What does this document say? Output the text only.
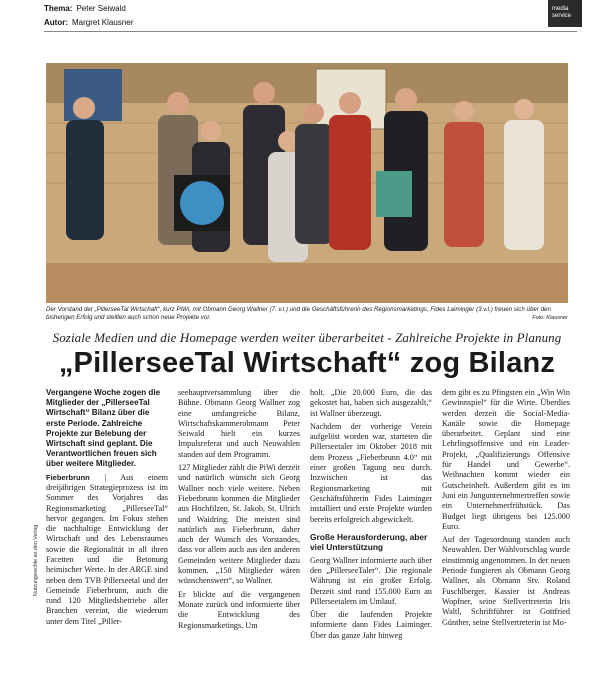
Thema: Peter Seiwald
Autor: Margret Klausner
media
service
Der Vorstand der „PillerseeTal Wirtschaft“, kurz PiWi, mit Obmann Georg Wallner (7. v.l.) und die Geschäftsführerin des Regionsmarketings, Fides Laiminger (3.v.l.) freuen sich über den bisherigen Erfolg und stellten auch schon neue Projekte vor.	Foto: Klausner
Soziale Medien und die Homepage werden weiter überarbeitet - Zahlreiche Projekte in Planung
„PillerseeTal Wirtschaft“ zog Bilanz

Vergangene Woche zogen die Mitglieder der „PillerseeTal Wirtschaft“ Bilanz über die erste Periode. Zahlreiche Projekte zur Belebung der Wirtschaft sind geplant. Die Verantwortlichen freuen sich über weitere Mitglieder.

Fieberbrunn | Aus einem dreijährigen Strategieprozess ist im Sommer des Vorjahres das Regionsmarketing „PillerseeTal“ hervor gegangen. Im Fokus stehen die nachhaltige Entwicklung der Wirtschaft und des Lebensraumes sowie die Regionalität in all ihren Facetten und die Betonung heimischer Werte. In der ARGE sind neben dem TVB Pillerseetal und der Gemeinde Fieberbrunn, auch die rund 120 Mitgliedsbetriebe aller Branchen vereint, die wiederum unter dem Titel „Piller-

seehauptversammlung über die Bühne. Obmann Georg Wallner zog eine umfangreiche Bilanz, Wirtschaftskammerobmann Peter Seiwald hielt ein kurzes Impulsreferat und auch Neuwahlen standen auf dem Programm.

127 Mitglieder zählt die PiWi derzeit und natürlich wünscht sich Georg Wallner noch viele weitere. Neben Fieberbrunn kommen die Mitglieder aus Hochfilzen, St. Jakob, St. Ulrich und Waidring. Die meisten sind natürlich aus Fieberbrunn, daher auch der Wunsch des Vorstandes, dass vor allem auch aus den anderen Gemeinden weitere Mitglieder dazu kommen. „150 Mitglieder wären wünschenswert“, so Wallner.

Er blickte auf die vergangenen Monate zurück und informierte über die Entwicklung des Regionsmarketings. Um

holt. „Die 20.000 Euro, die das gekostet hat, haben sich ausgezahlt,“ ist Wallner überzeugt.

Nachdem der vorherige Verein aufgelöst worden war, starteten die Pillerseetaler im Oktober 2018 mit dem Prozess „Fieberbrunn 4.0“ mit einer großen Tagung neu durch. Inzwischen ist das Regionsmarketing mit Geschäftsführerin Fides Laiminger installiert und erste Projekte wurden bereits erfolgreich abgewickelt.

Große Herausforderung, aber viel Unterstützung

Georg Wallner informierte auch über den „PillerseeTaler“. Die regionale Währung ist ein großer Erfolg. Derzeit sind rund 155.000 Euro an Pillerseetalern im Umlauf.

Über die laufenden Projekte informierte dann Fides Laiminger. Über das ganze Jahr hinweg

dem gibt es zu Pfingsten ein „Win Win Gewinnspiel“ für die Wirte. Überdies werden derzeit die Social-Media-Kanäle sowie die Homepage überarbeitet. Geplant sind eine Lehrlingsoffensive und ein Leader-Projekt, „Qualifizierungs Offensive für Handel und Gewerbe“. Weihnachten kommt wieder ein Gutscheinheft. Außerdem gibt es im Juni ein Jungunternehmertreffen sowie ein Unternehmerfrühstück. Das Budget liegt übrigens bei 125.000 Euro.

Auf der Tagesordnung standen auch Neuwahlen. Der Wahlvorschlag wurde einstimmig angenommen. In der neuen Periode fungieren als Obmann Georg Wallner, als Obmann Stv. Roland Fuschlberger, Kassier ist Andreas Wopfner, seine Stellvertreterin Iris Waltl, Schriftführer ist Gottfried Günther, seine Stellvertreterin ist Mo-

Nutzungsrechte an den Verlag
